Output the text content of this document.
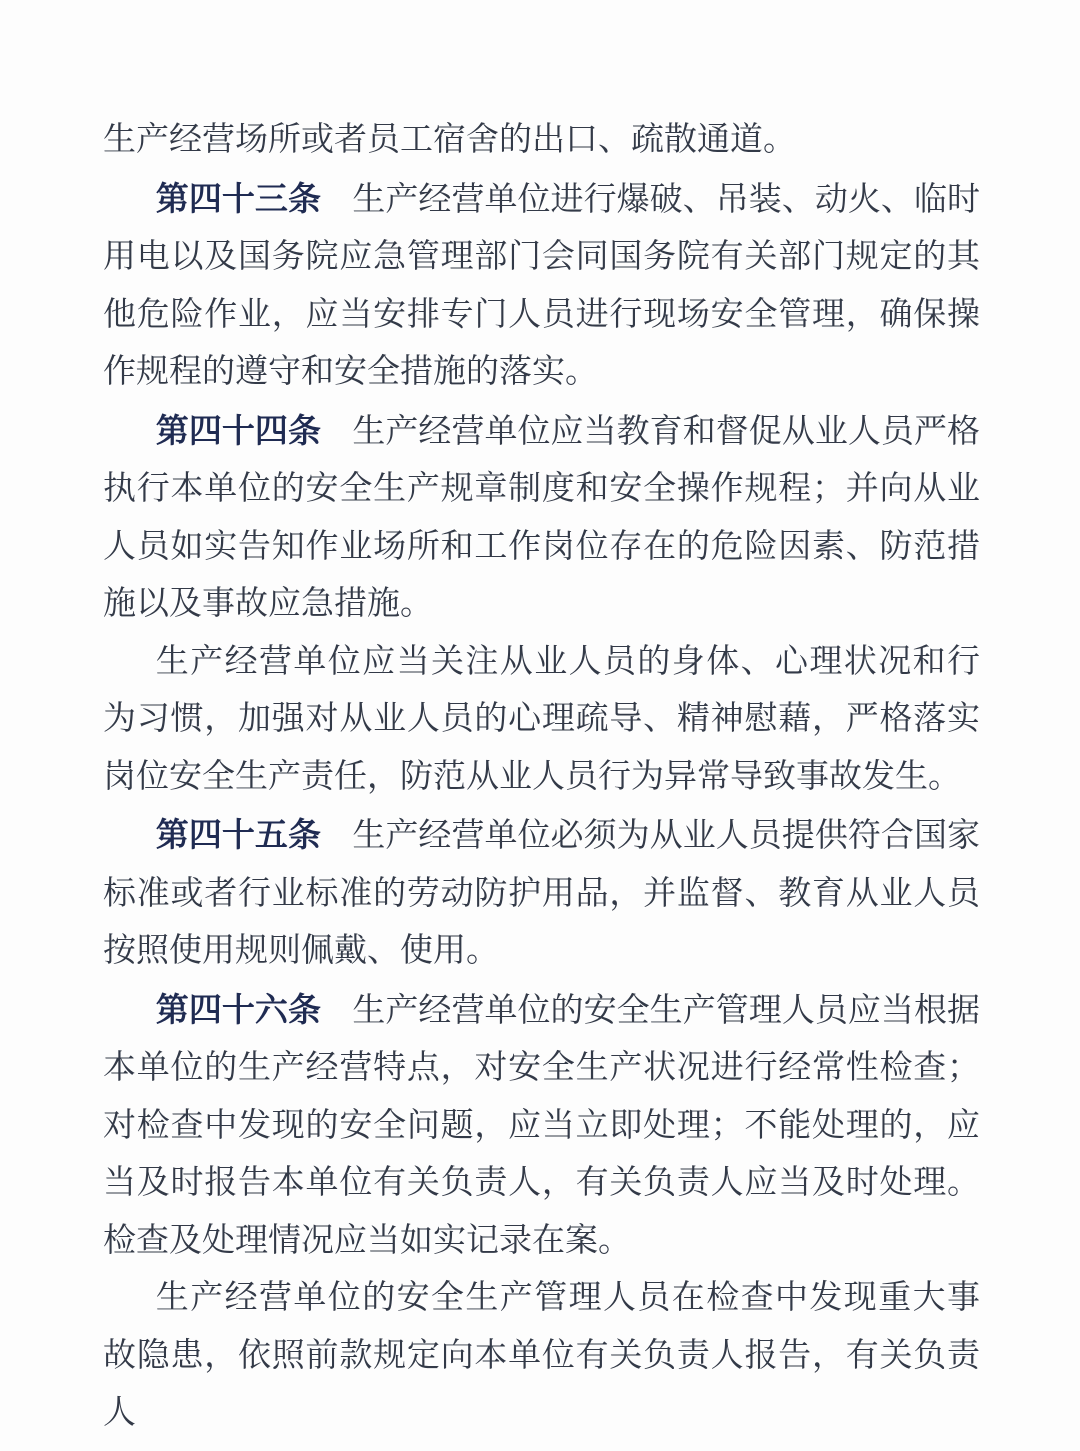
生产经营场所或者员工宿舍的出口、疏散通道。

第四十三条 生产经营单位进行爆破、吊装、动火、临时用电以及国务院应急管理部门会同国务院有关部门规定的其他危险作业，应当安排专门人员进行现场安全管理，确保操作规程的遵守和安全措施的落实。

第四十四条 生产经营单位应当教育和督促从业人员严格执行本单位的安全生产规章制度和安全操作规程；并向从业人员如实告知作业场所和工作岗位存在的危险因素、防范措施以及事故应急措施。

生产经营单位应当关注从业人员的身体、心理状况和行为习惯，加强对从业人员的心理疏导、精神慰藉，严格落实岗位安全生产责任，防范从业人员行为异常导致事故发生。

第四十五条 生产经营单位必须为从业人员提供符合国家标准或者行业标准的劳动防护用品，并监督、教育从业人员按照使用规则佩戴、使用。

第四十六条 生产经营单位的安全生产管理人员应当根据本单位的生产经营特点，对安全生产状况进行经常性检查；对检查中发现的安全问题，应当立即处理；不能处理的，应当及时报告本单位有关负责人，有关负责人应当及时处理。检查及处理情况应当如实记录在案。

生产经营单位的安全生产管理人员在检查中发现重大事故隐患，依照前款规定向本单位有关负责人报告，有关负责人
